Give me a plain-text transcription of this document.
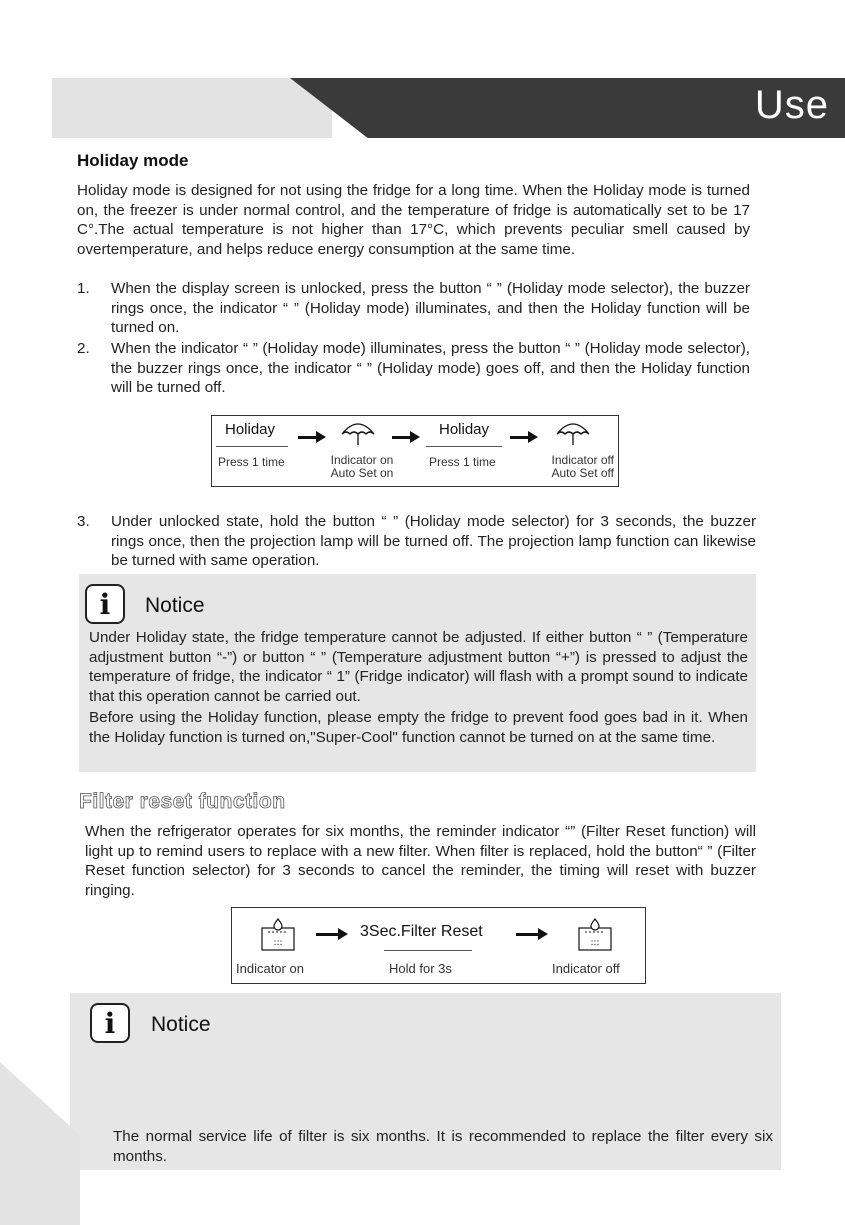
Use
Holiday mode
Holiday mode is designed for not using the fridge for a long time. When the Holiday mode is turned on, the freezer is under normal control, and the temperature of fridge is automatically set to be 17 C°.The actual temperature is not higher than 17°C, which prevents peculiar smell caused by overtemperature, and helps reduce energy consumption at the same time.
1.	When the display screen is unlocked, press the button “ ” (Holiday mode selector), the buzzer rings once, the indicator “ ” (Holiday mode) illuminates, and then the Holiday function will be turned on.
2.	When the indicator “ ” (Holiday mode) illuminates, press the button “ ” (Holiday mode selector), the buzzer rings once, the indicator “ ” (Holiday mode) goes off, and then the Holiday function will be turned off.
Holiday
Press 1 time	Indicator on
Auto Set on
Holiday
Press 1 time	Indicator off
Auto Set off
3.	Under unlocked state, hold the button “ ” (Holiday mode selector) for 3 seconds, the buzzer rings once, then the projection lamp will be turned off. The projection lamp function can likewise be turned with same operation.
i	Notice
Under Holiday state, the fridge temperature cannot be adjusted. If either button “ ” (Temperature adjustment button “-”) or button “ ” (Temperature adjustment button “+”) is pressed to adjust the temperature of fridge, the indicator “ 1” (Fridge indicator) will flash with a prompt sound to indicate that this operation cannot be carried out.
Before using the Holiday function, please empty the fridge to prevent food goes bad in it. When the Holiday function is turned on,"Super-Cool" function cannot be turned on at the same time.
Filter reset function
When the refrigerator operates for six months, the reminder indicator “” (Filter Reset function) will light up to remind users to replace with a new filter. When filter is replaced, hold the button“ ” (Filter Reset function selector) for 3 seconds to cancel the reminder, the timing will reset with buzzer ringing.
:::
Indicator on
3Sec.Filter Reset
Hold for 3s
:::
Indicator off
i	Notice
The normal service life of filter is six months. It is recommended to replace the filter every six months.
